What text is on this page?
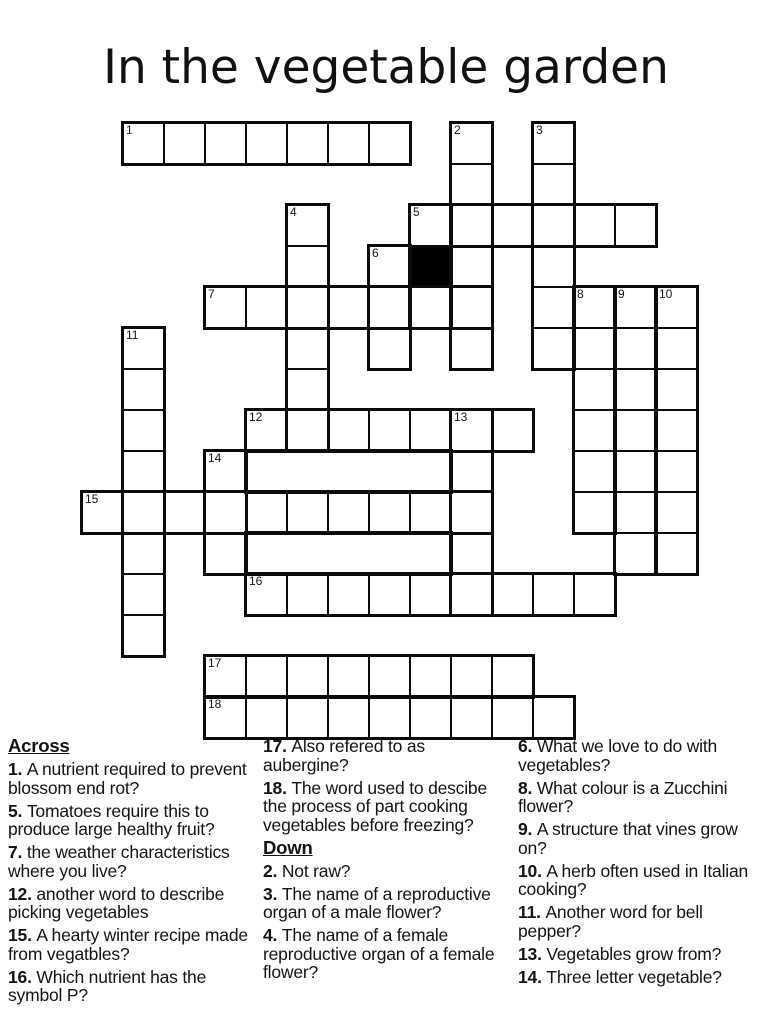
In the vegetable garden
1	2	3
4	5
6
7	8	9	10
11
12	13
14
15
16
17
18
Across

1. A nutrient required to prevent blossom end rot?

5. Tomatoes require this to produce large healthy fruit?

7. the weather characteristics where you live?

12. another word to describe picking vegetables

15. A hearty winter recipe made from vegatbles?

16. Which nutrient has the symbol P?

17. Also refered to as aubergine?

18. The word used to descibe the process of part cooking vegetables before freezing?

Down

2. Not raw?

3. The name of a reproductive organ of a male flower?

4. The name of a female reproductive organ of a female flower?

6. What we love to do with vegetables?

8. What colour is a Zucchini flower?

9. A structure that vines grow on?

10. A herb often used in Italian cooking?

11. Another word for bell pepper?

13. Vegetables grow from?

14. Three letter vegetable?
